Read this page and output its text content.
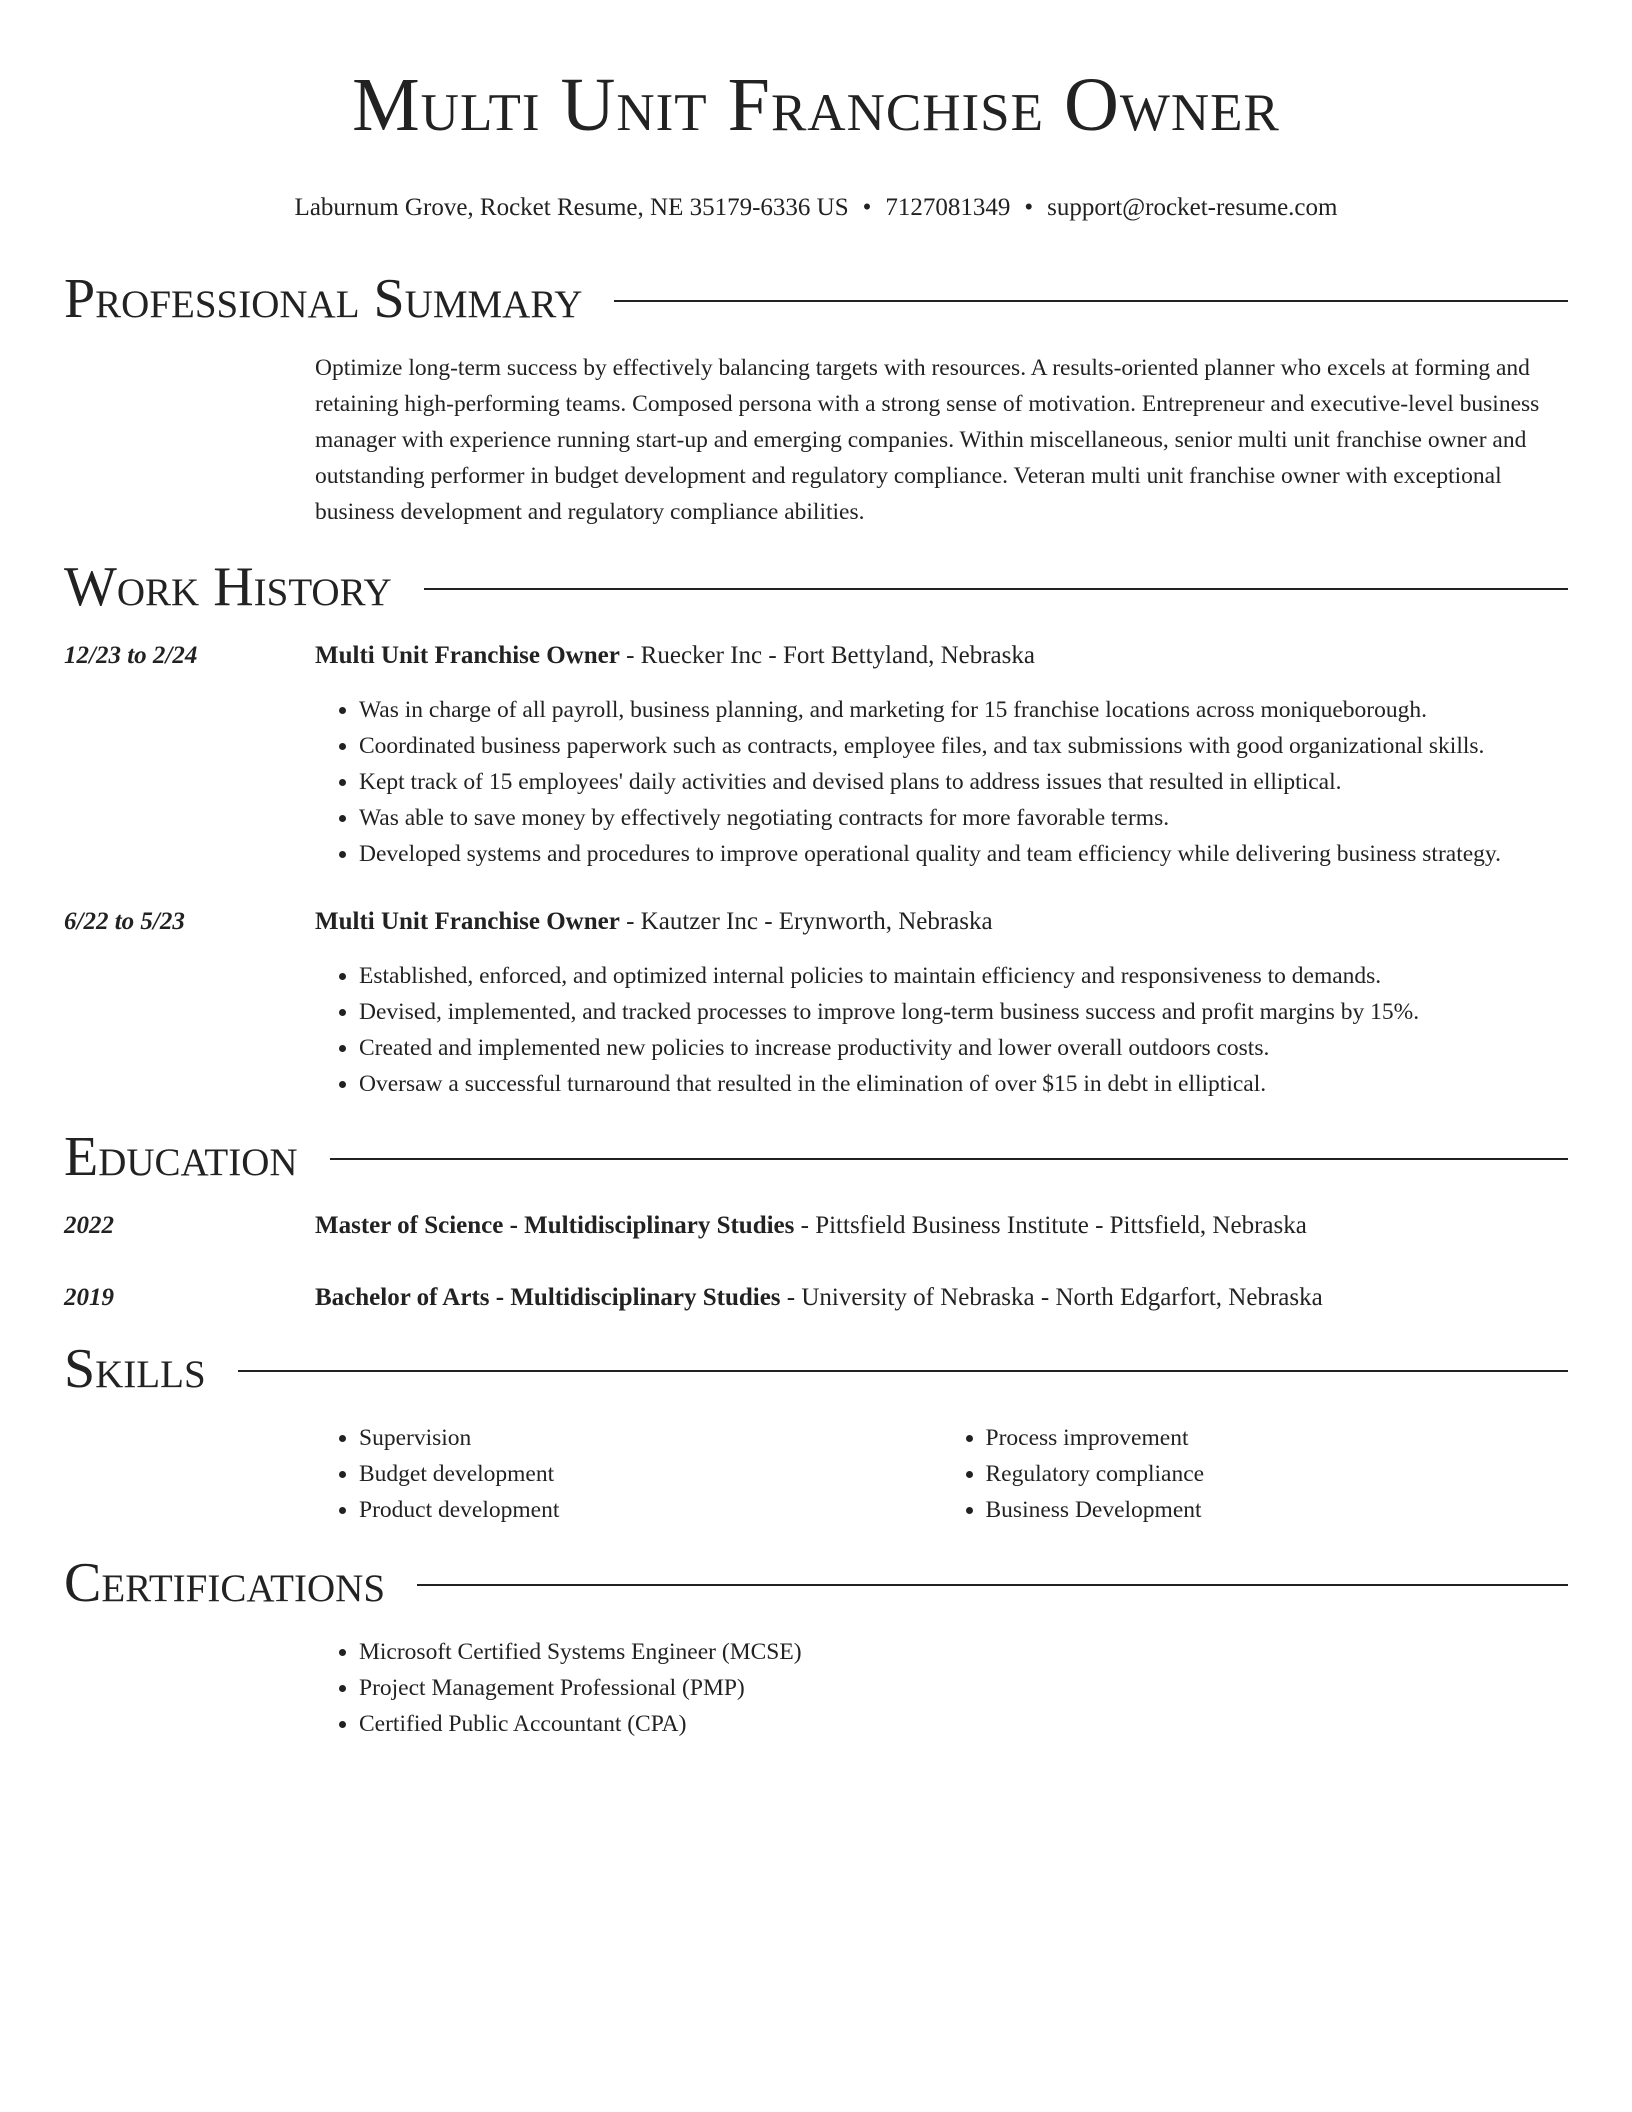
Multi Unit Franchise Owner
Laburnum Grove, Rocket Resume, NE 35179-6336 US • 7127081349 • support@rocket-resume.com
Professional Summary
Optimize long-term success by effectively balancing targets with resources. A results-oriented planner who excels at forming and retaining high-performing teams. Composed persona with a strong sense of motivation. Entrepreneur and executive-level business manager with experience running start-up and emerging companies. Within miscellaneous, senior multi unit franchise owner and outstanding performer in budget development and regulatory compliance. Veteran multi unit franchise owner with exceptional business development and regulatory compliance abilities.
Work History
12/23 to 2/24	Multi Unit Franchise Owner - Ruecker Inc - Fort Bettyland, Nebraska
• Was in charge of all payroll, business planning, and marketing for 15 franchise locations across moniqueborough.
• Coordinated business paperwork such as contracts, employee files, and tax submissions with good organizational skills.
• Kept track of 15 employees' daily activities and devised plans to address issues that resulted in elliptical.
• Was able to save money by effectively negotiating contracts for more favorable terms.
• Developed systems and procedures to improve operational quality and team efficiency while delivering business strategy.
6/22 to 5/23	Multi Unit Franchise Owner - Kautzer Inc - Erynworth, Nebraska
• Established, enforced, and optimized internal policies to maintain efficiency and responsiveness to demands.
• Devised, implemented, and tracked processes to improve long-term business success and profit margins by 15%.
• Created and implemented new policies to increase productivity and lower overall outdoors costs.
• Oversaw a successful turnaround that resulted in the elimination of over $15 in debt in elliptical.
Education
2022	Master of Science - Multidisciplinary Studies - Pittsfield Business Institute - Pittsfield, Nebraska
2019	Bachelor of Arts - Multidisciplinary Studies - University of Nebraska - North Edgarfort, Nebraska
Skills
• Supervision
• Budget development
• Product development
• Process improvement
• Regulatory compliance
• Business Development
Certifications
• Microsoft Certified Systems Engineer (MCSE)
• Project Management Professional (PMP)
• Certified Public Accountant (CPA)
